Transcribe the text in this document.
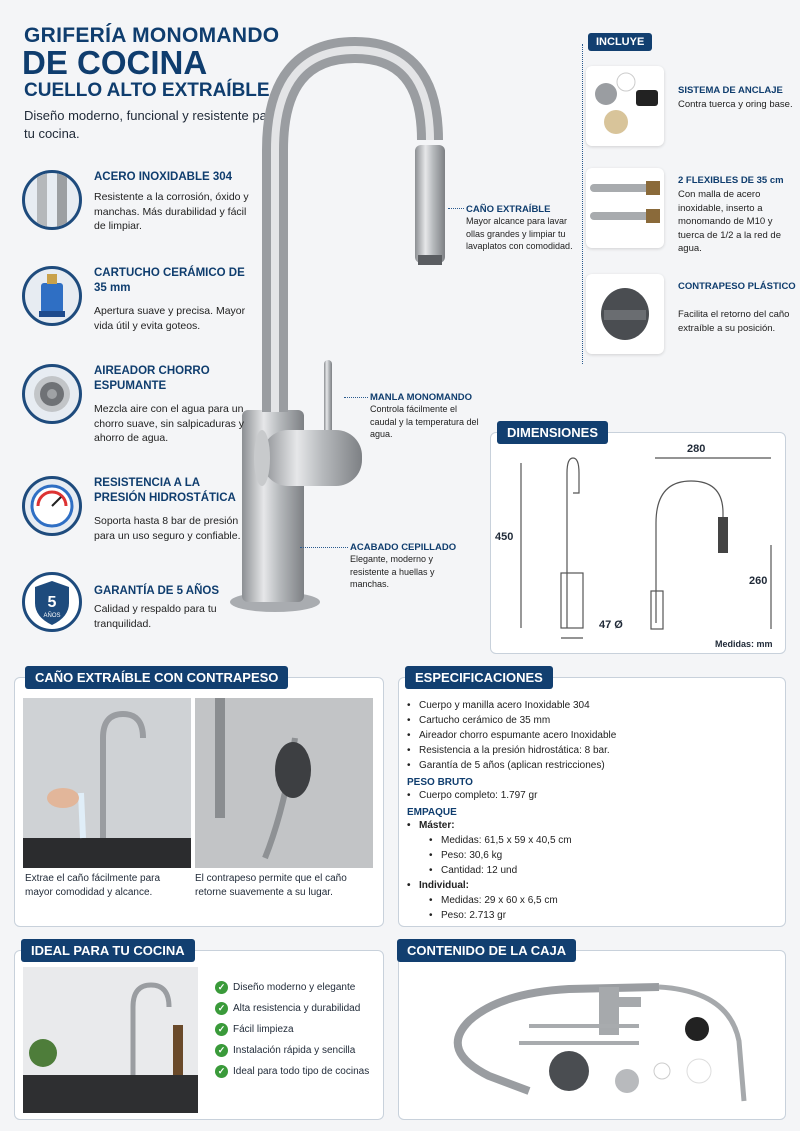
GRIFERÍA MONOMANDO
DE COCINA
CUELLO ALTO EXTRAÍBLE

Diseño moderno, funcional y resistente para tu cocina.

ACERO INOXIDABLE 304
Resistente a la corrosión, óxido y manchas. Más durabilidad y fácil de limpiar.
CARTUCHO CERÁMICO DE 35 mm
Apertura suave y precisa. Mayor vida útil y evita goteos.
AIREADOR CHORRO ESPUMANTE
Mezcla aire con el agua para un chorro suave, sin salpicaduras y ahorro de agua.
RESISTENCIA A LA PRESIÓN HIDROSTÁTICA
Soporta hasta 8 bar de presión para un uso seguro y confiable.
5
AÑOS
GARANTÍA DE 5 AÑOS
Calidad y respaldo para tu tranquilidad.
CAÑO EXTRAÍBLE
Mayor alcance para lavar ollas grandes y limpiar tu lavaplatos con comodidad.
MANLA MONOMANDO
Controla fácilmente el caudal y la temperatura del agua.
ACABADO CEPILLADO
Elegante, moderno y resistente a huellas y manchas.
INCLUYE
SISTEMA DE ANCLAJE
Contra tuerca y oring base.
2 FLEXIBLES DE 35 cm
Con malla de acero inoxidable, inserto a monomando de M10 y tuerca de 1/2 a la red de agua.
CONTRAPESO PLÁSTICO
Facilita el retorno del caño extraíble a su posición.
DIMENSIONES
450
280
260
47 Ø
Medidas: mm
CAÑO EXTRAÍBLE CON CONTRAPESO
Extrae el caño fácilmente para mayor comodidad y alcance.
El contrapeso permite que el caño retorne suavemente a su lugar.
ESPECIFICACIONES
• Cuerpo y manilla acero Inoxidable 304
• Cartucho cerámico de 35 mm
• Aireador chorro espumante acero Inoxidable
• Resistencia a la presión hidrostática: 8 bar.
• Garantía de 5 años (aplican restricciones)
PESO BRUTO
• Cuerpo completo: 1.797 gr
EMPAQUE
• Máster:
• Medidas: 61,5 x 59 x 40,5 cm
• Peso: 30,6 kg
• Cantidad: 12 und
• Individual:
• Medidas: 29 x 60 x 6,5 cm
• Peso: 2.713 gr
IDEAL PARA TU COCINA
✓ Diseño moderno y elegante
✓ Alta resistencia y durabilidad
✓ Fácil limpieza
✓ Instalación rápida y sencilla
✓ Ideal para todo tipo de cocinas
CONTENIDO DE LA CAJA
